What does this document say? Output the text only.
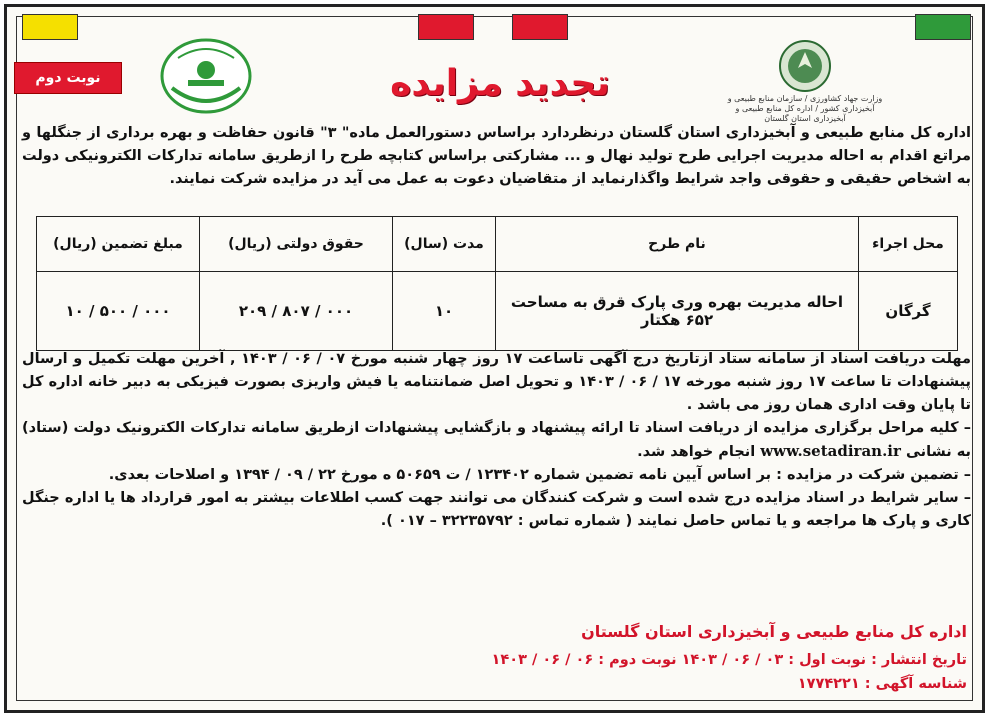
نوبت دوم
وزارت جهاد کشاورزی / سازمان منابع طبیعی و آبخیزداری کشور / اداره کل منابع طبیعی و آبخیزداری استان گلستان
تجدید مزایده
اداره کل منابع طبیعی و آبخیزداری استان گلستان درنظردارد براساس دستورالعمل ماده" ۳" قانون حفاظت و بهره برداری از جنگلها و مراتع اقدام به احاله مدیریت اجرایی طرح تولید نهال و ... مشارکتی براساس کتابچه طرح را ازطریق سامانه تدارکات الکترونیکی دولت به اشخاص حقیقی و حقوقی واجد شرایط واگذارنماید از متقاضیان دعوت به عمل می آید در مزایده شرکت نمایند.
محل اجراء	نام طرح	مدت (سال)	حقوق دولتی (ریال)	مبلغ تضمین (ریال)
گرگان	احاله مدیریت بهره وری پارک قرق به مساحت ۶۵۲ هکتار	۱۰	۰۰۰ / ۸۰۷ / ۲۰۹	۰۰۰ / ۵۰۰ / ۱۰

مهلت دریافت اسناد از سامانه ستاد ازتاریخ درج آگهی تاساعت ۱۷ روز چهار شنبه مورخ ۰۷ / ۰۶ / ۱۴۰۳ , آخرین مهلت تکمیل و ارسال پیشنهادات تا ساعت ۱۷ روز شنبه مورخه ۱۷ / ۰۶ / ۱۴۰۳ و تحویل اصل ضمانتنامه یا فیش واریزی بصورت فیزیکی به دبیر خانه اداره کل تا پایان وقت اداری همان روز می باشد .

– کلیه مراحل برگزاری مزایده از دریافت اسناد تا ارائه پیشنهاد و بازگشایی پیشنهادات ازطریق سامانه تدارکات الکترونیک دولت (ستاد) به نشانی www.setadiran.ir انجام خواهد شد.

– تضمین شرکت در مزایده : بر اساس آیین نامه تضمین شماره ۱۲۳۴۰۲ / ت ۵۰۶۵۹ ه مورخ ۲۲ / ۰۹ / ۱۳۹۴ و اصلاحات بعدی.

– سایر شرایط در اسناد مزایده درج شده است و شرکت کنندگان می توانند جهت کسب اطلاعات بیشتر به امور قرارداد ها یا اداره جنگل کاری و پارک ها مراجعه و یا تماس حاصل نمایند ( شماره تماس : ۳۲۲۳۵۷۹۲ – ۰۱۷ ).

اداره کل منابع طبیعی و آبخیزداری استان گلستان
تاریخ انتشار : نوبت اول : ۰۳ / ۰۶ / ۱۴۰۳ نوبت دوم : ۰۶ / ۰۶ / ۱۴۰۳
شناسه آگهی : ۱۷۷۴۲۲۱
